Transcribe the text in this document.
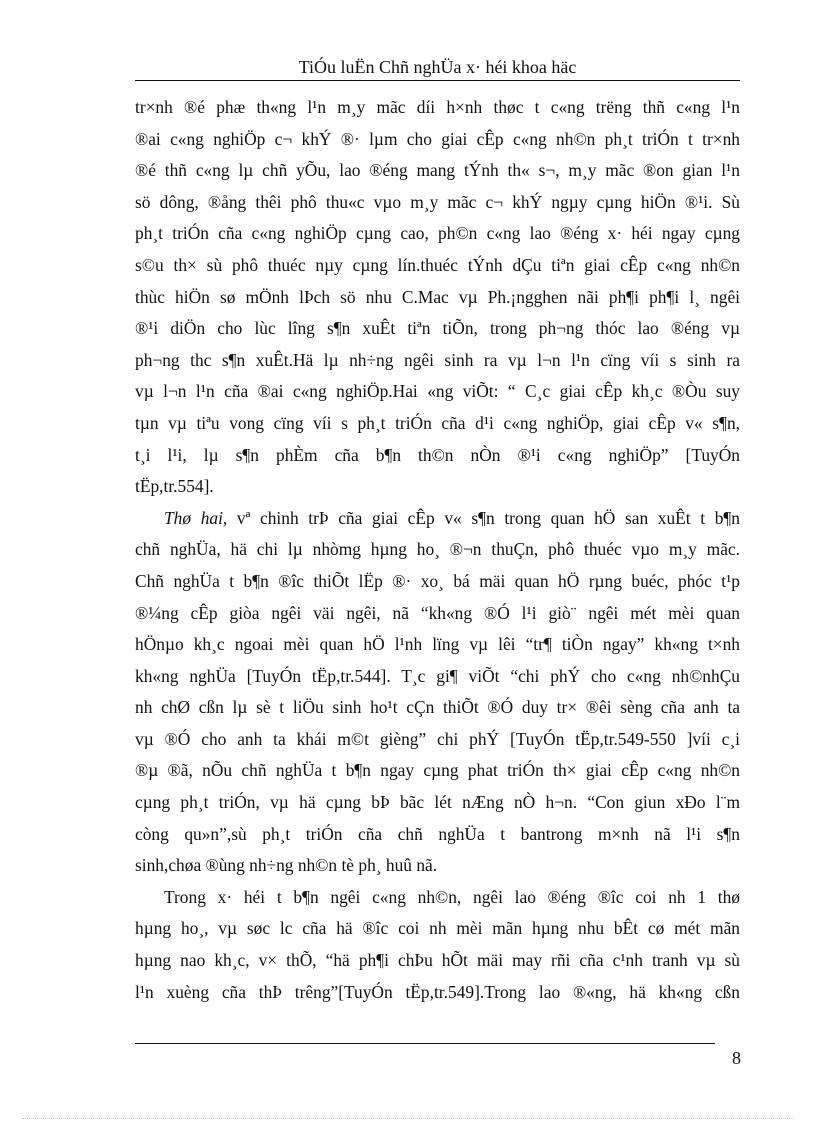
TiÓu luËn Chñ nghÜa x· héi khoa häc
tr×nh ®é phæ th«ng l¹n m¸y mãc díi h×nh thøc t c«ng trëng thñ c«ng l¹n
®ai c«ng nghiÖp c¬ khÝ ®· lµm cho giai cÊp c«ng nh©n ph¸t triÓn t tr×nh
®é thñ c«ng lµ chñ yÕu, lao ®éng mang tÝnh th« s¬, m¸y mãc ®on gian l¹n
sö dông, ®ång thêi phô thu«c vµo m¸y mãc c¬ khÝ ngµy cµng hiÖn ®¹i. Sù
ph¸t triÓn cña c«ng nghiÖp cµng cao, ph©n c«ng lao ®éng x· héi ngay cµng
s©u th× sù phô thuéc nµy cµng lín.thuéc tÝnh dÇu tiªn giai cÊp c«ng nh©n
thùc hiÖn sø mÖnh lÞch sö nhu C.Mac vµ Ph.¡ngghen nãi ph¶i ph¶i l¸ ngêi
®¹i diÖn cho lùc lîng s¶n xuÊt tiªn tiÕn, trong ph¬ng thóc lao ®éng vµ
ph¬ng thc s¶n xuÊt.Hä lµ nh÷ng ngêi sinh ra vµ l¬n l¹n cïng víi s sinh ra
vµ l¬n l¹n cña ®ai c«ng nghiÖp.Hai «ng viÕt: “ C¸c giai cÊp kh¸c ®Òu suy
tµn vµ tiªu vong cïng víi s ph¸t triÓn cña d¹i c«ng nghiÖp, giai cÊp v« s¶n,
t¸i l¹i, lµ s¶n phÈm cña b¶n th©n nÒn ®¹i c«ng nghiÖp” [TuyÓn
tËp,tr.554].
Thø hai, vª chinh trÞ cña giai cÊp v« s¶n trong quan hÖ san xuÊt t b¶n
chñ nghÜa, hä chi lµ nhòmg hµng ho¸ ®¬n thuÇn, phô thuéc vµo m¸y mãc.
Chñ nghÜa t b¶n ®îc thiÕt lËp ®· xo¸ bá mäi quan hÖ rµng buéc, phóc t¹p
®¼ng cÊp giòa ngêi väi ngêi, nã “kh«ng ®Ó l¹i giò¨ ngêi mét mèi quan
hÖnµo kh¸c ngoai mèi quan hÖ l¹nh lïng vµ lêi “tr¶ tiÒn ngay” kh«ng t×nh
kh«ng nghÜa [TuyÓn tËp,tr.544]. T¸c gi¶ viÕt “chi phÝ cho c«ng nh©nhÇu
nh chØ cßn lµ sè t liÖu sinh ho¹t cÇn thiÕt ®Ó duy tr× ®êi sèng cña anh ta
vµ ®Ó cho anh ta khái m©t gièng” chi phÝ [TuyÓn tËp,tr.549-550 ]víi c¸i
®µ ®ã, nÕu chñ nghÜa t b¶n ngay cµng phat triÓn th× giai cÊp c«ng nh©n
cµng ph¸t triÓn, vµ hä cµng bÞ bãc lét nÆng nÒ h¬n. “Con giun xÐo l¨m
còng qu»n”,sù ph¸t triÓn cña chñ nghÜa t bantrong m×nh nã l¹i s¶n
sinh,chøa ®ùng nh÷ng nh©n tè ph¸ huû nã.
Trong x· héi t b¶n ngêi c«ng nh©n, ngêi lao ®éng ®îc coi nh 1 thø
hµng ho¸, vµ søc lc cña hä ®îc coi nh mèi mãn hµng nhu bÊt cø mét mãn
hµng nao kh¸c, v× thÕ, “hä ph¶i chÞu hÕt mäi may rñi cña c¹nh tranh vµ sù
l¹n xuèng cña thÞ trêng”[TuyÓn tËp,tr.549].Trong lao ®«ng, hä kh«ng cßn
8
